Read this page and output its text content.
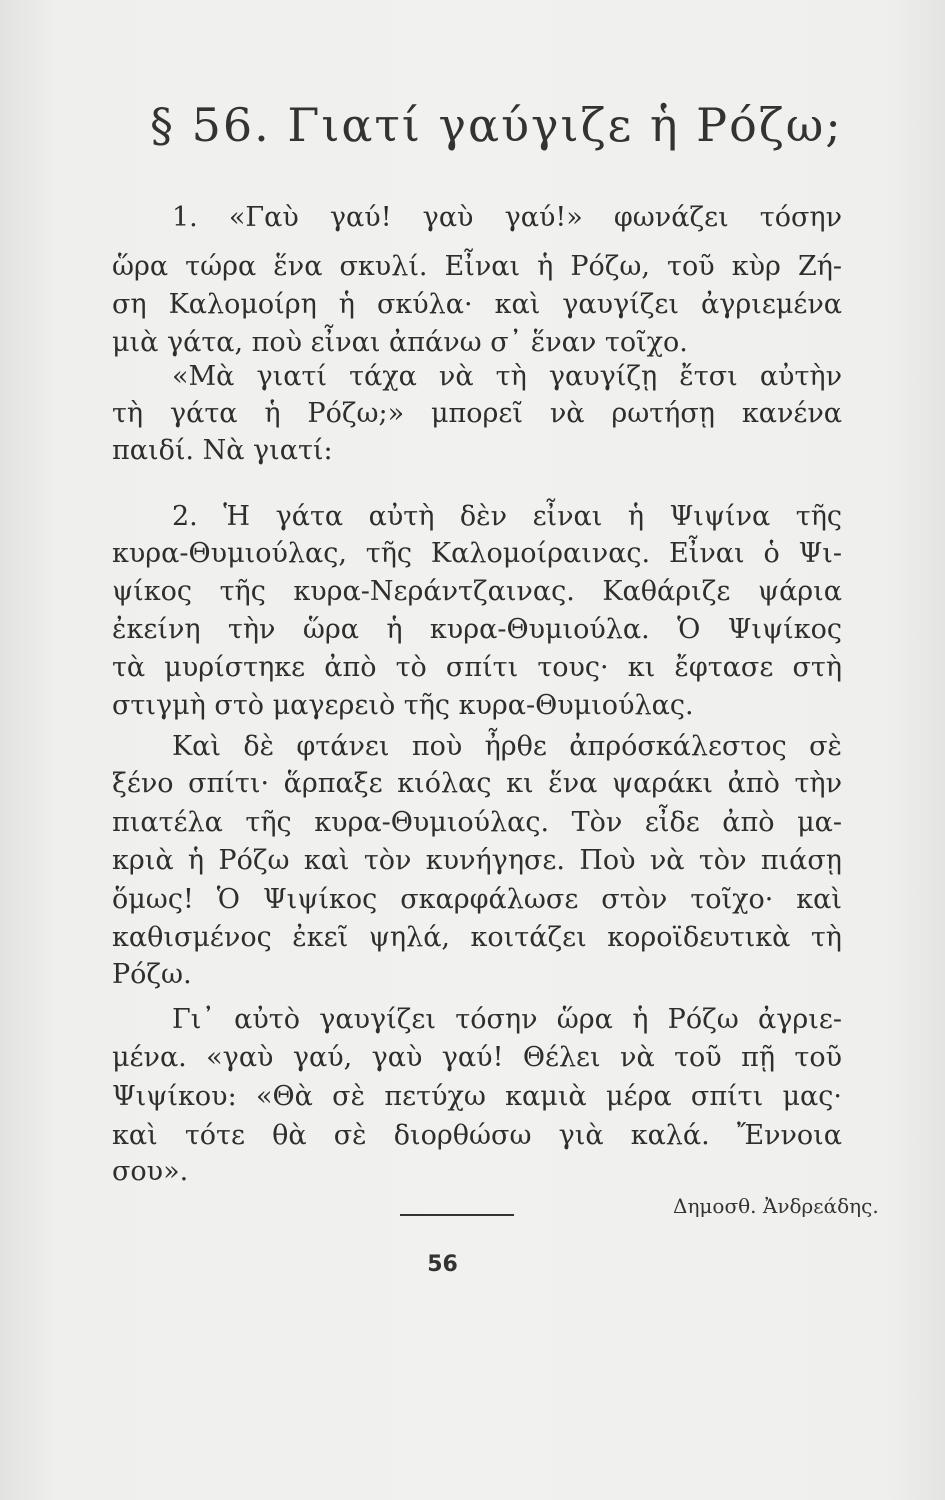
§ 56. Γιατί γαύγιζε ἡ Ρόζω;
1. «Γαὺ γαύ! γαὺ γαύ!» φωνάζει τόσην
ὥρα τώρα ἕνα σκυλί. Εἶναι ἡ Ρόζω, τοῦ κὺρ Ζή-
ση Καλομοίρη ἡ σκύλα· καὶ γαυγίζει ἀγριεμένα
μιὰ γάτα, ποὺ εἶναι ἀπάνω σ᾽ ἕναν τοῖχο.
«Μὰ γιατί τάχα νὰ τὴ γαυγίζῃ ἔτσι αὐτὴν
τὴ γάτα ἡ Ρόζω;» μπορεῖ νὰ ρωτήσῃ κανένα
παιδί. Νὰ γιατί:
2. Ἡ γάτα αὐτὴ δὲν εἶναι ἡ Ψιψίνα τῆς
κυρα-Θυμιούλας, τῆς Καλομοίραινας. Εἶναι ὁ Ψι-
ψίκος τῆς κυρα-Νεράντζαινας. Καθάριζε ψάρια
ἐκείνη τὴν ὥρα ἡ κυρα-Θυμιούλα. Ὁ Ψιψίκος
τὰ μυρίστηκε ἀπὸ τὸ σπίτι τους· κι ἔφτασε στὴ
στιγμὴ στὸ μαγερειὸ τῆς κυρα-Θυμιούλας.
Καὶ δὲ φτάνει ποὺ ἦρθε ἀπρόσκάλεστος σὲ
ξένο σπίτι· ἅρπαξε κιόλας κι ἕνα ψαράκι ἀπὸ τὴν
πιατέλα τῆς κυρα-Θυμιούλας. Τὸν εἶδε ἀπὸ μα-
κριὰ ἡ Ρόζω καὶ τὸν κυνήγησε. Ποὺ νὰ τὸν πιάσῃ
ὅμως! Ὁ Ψιψίκος σκαρφάλωσε στὸν τοῖχο· καὶ
καθισμένος ἐκεῖ ψηλά, κοιτάζει κοροϊδευτικὰ τὴ
Ρόζω.
Γι᾽ αὐτὸ γαυγίζει τόσην ὥρα ἡ Ρόζω ἀγριε-
μένα. «γαὺ γαύ, γαὺ γαύ! Θέλει νὰ τοῦ πῇ τοῦ
Ψιψίκου: «Θὰ σὲ πετύχω καμιὰ μέρα σπίτι μας·
καὶ τότε θὰ σὲ διορθώσω γιὰ καλά. Ἔννοια
σου».
Δημοσθ. Ἀνδρεάδης.
56
